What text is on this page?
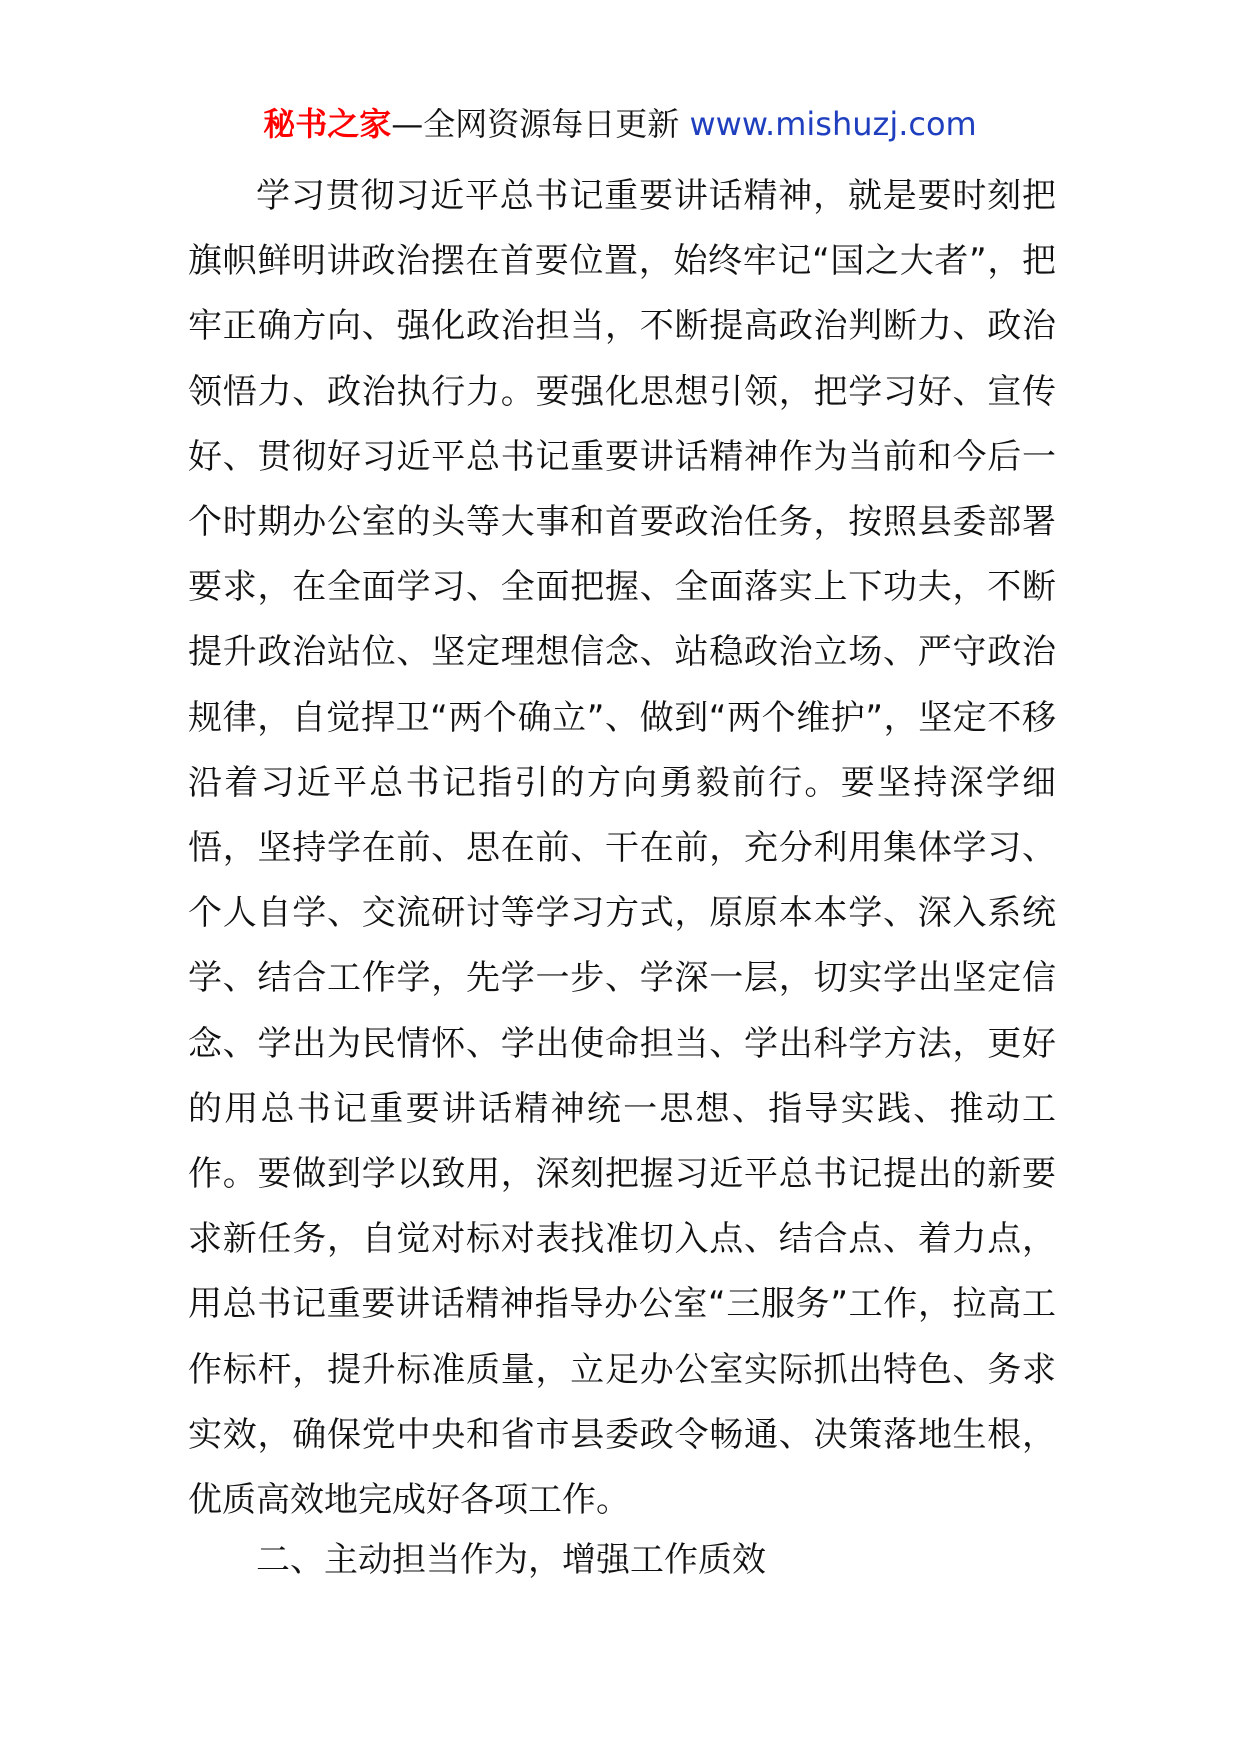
秘书之家—全网资源每日更新 www.mishuzj.com

学习贯彻习近平总书记重要讲话精神，就是要时刻把旗帜鲜明讲政治摆在首要位置，始终牢记“国之大者”，把牢正确方向、强化政治担当，不断提高政治判断力、政治领悟力、政治执行力。要强化思想引领，把学习好、宣传好、贯彻好习近平总书记重要讲话精神作为当前和今后一个时期办公室的头等大事和首要政治任务，按照县委部署要求，在全面学习、全面把握、全面落实上下功夫，不断提升政治站位、坚定理想信念、站稳政治立场、严守政治规律，自觉捍卫“两个确立”、做到“两个维护”，坚定不移沿着习近平总书记指引的方向勇毅前行。要坚持深学细悟，坚持学在前、思在前、干在前，充分利用集体学习、个人自学、交流研讨等学习方式，原原本本学、深入系统学、结合工作学，先学一步、学深一层，切实学出坚定信念、学出为民情怀、学出使命担当、学出科学方法，更好的用总书记重要讲话精神统一思想、指导实践、推动工作。要做到学以致用，深刻把握习近平总书记提出的新要求新任务，自觉对标对表找准切入点、结合点、着力点，用总书记重要讲话精神指导办公室“三服务”工作，拉高工作标杆，提升标准质量，立足办公室实际抓出特色、务求实效，确保党中央和省市县委政令畅通、决策落地生根，优质高效地完成好各项工作。

二、主动担当作为，增强工作质效
